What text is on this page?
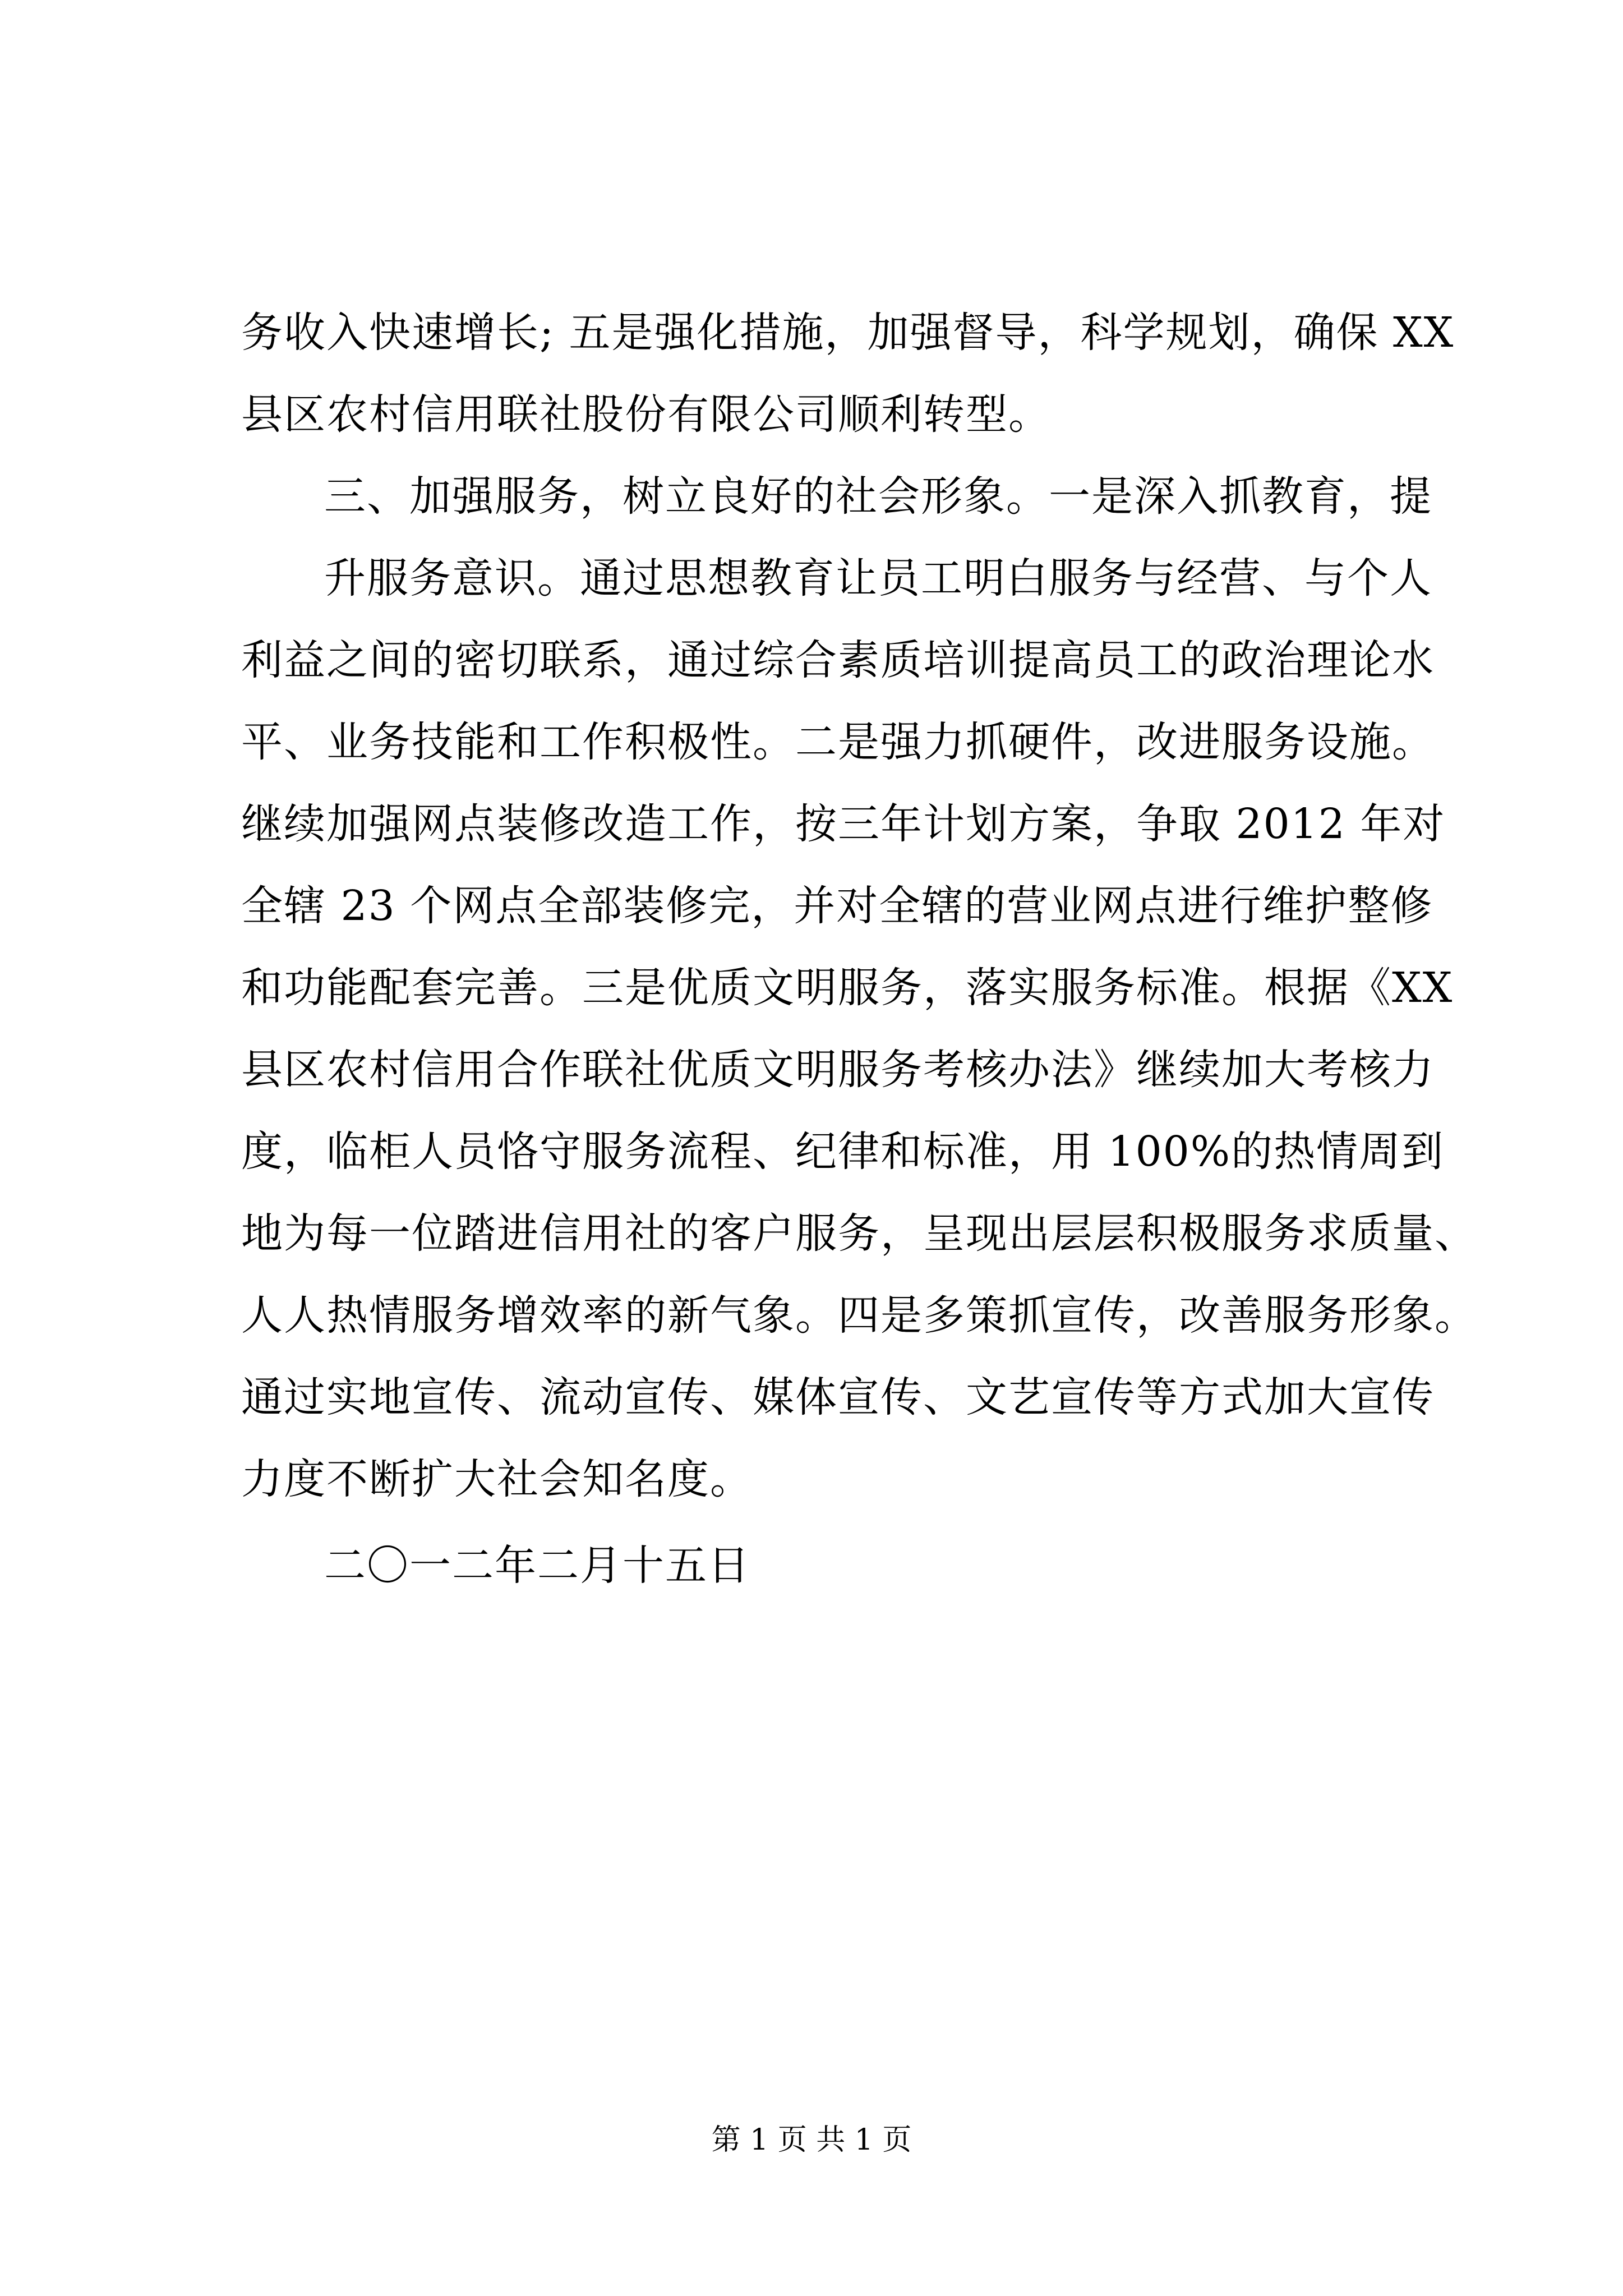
务收入快速增长; 五是强化措施，加强督导，科学规划，确保 XX
县区农村信用联社股份有限公司顺利转型。
三、加强服务，树立良好的社会形象。一是深入抓教育，提
升服务意识。通过思想教育让员工明白服务与经营、与个人
利益之间的密切联系，通过综合素质培训提高员工的政治理论水
平、业务技能和工作积极性。二是强力抓硬件，改进服务设施。
继续加强网点装修改造工作，按三年计划方案，争取 2012 年对
全辖 23 个网点全部装修完，并对全辖的营业网点进行维护整修
和功能配套完善。三是优质文明服务，落实服务标准。根据《XX
县区农村信用合作联社优质文明服务考核办法》继续加大考核力
度，临柜人员恪守服务流程、纪律和标准，用 100%的热情周到
地为每一位踏进信用社的客户服务，呈现出层层积极服务求质量、
人人热情服务增效率的新气象。四是多策抓宣传，改善服务形象。
通过实地宣传、流动宣传、媒体宣传、文艺宣传等方式加大宣传
力度不断扩大社会知名度。
二〇一二年二月十五日
第 1 页 共 1 页
